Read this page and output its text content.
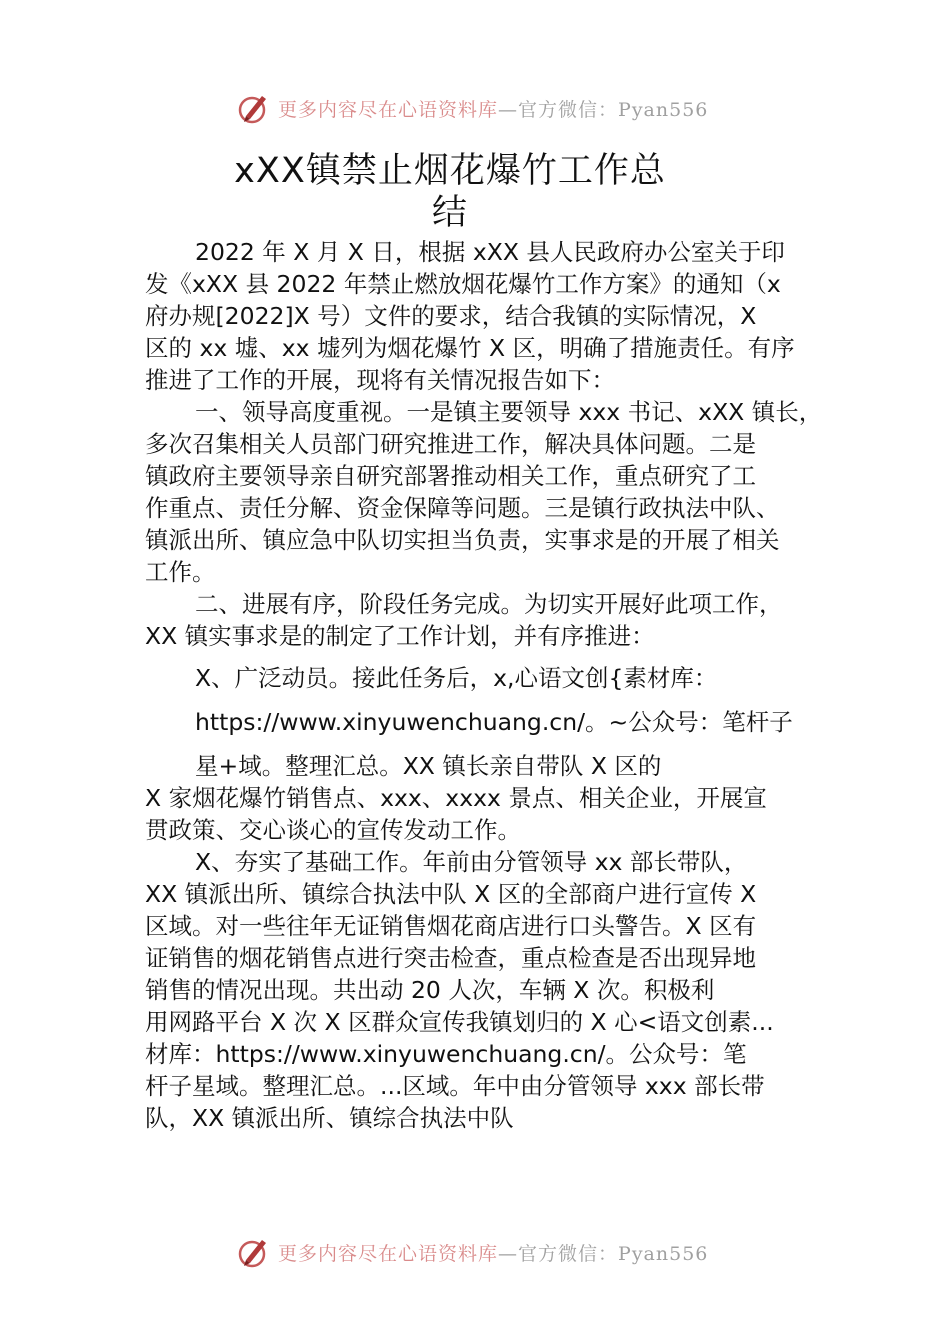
更多内容尽在心语资料库—官方微信：Pyan556
xXX镇禁止烟花爆竹工作总
结

2022 年 X 月 X 日，根据 xXX 县人民政府办公室关于印

发《xXX 县 2022 年禁止燃放烟花爆竹工作方案》的通知（x

府办规[2022]X 号）文件的要求，结合我镇的实际情况，X

区的 xx 墟、xx 墟列为烟花爆竹 X 区，明确了措施责任。有序

推进了工作的开展，现将有关情况报告如下：

一、领导高度重视。一是镇主要领导 xxx 书记、xXX 镇长，

多次召集相关人员部门研究推进工作，解决具体问题。二是

镇政府主要领导亲自研究部署推动相关工作，重点研究了工

作重点、责任分解、资金保障等问题。三是镇行政执法中队、

镇派出所、镇应急中队切实担当负责，实事求是的开展了相关

工作。

二、进展有序，阶段任务完成。为切实开展好此项工作，

XX 镇实事求是的制定了工作计划，并有序推进：

X、广泛动员。接此任务后，x,心语文创{素材库：

https://www.xinyuwenchuang.cn/。~公众号：笔杆子

星+域。整理汇总。XX 镇长亲自带队 X 区的

X 家烟花爆竹销售点、xxx、xxxx 景点、相关企业，开展宣

贯政策、交心谈心的宣传发动工作。

X、夯实了基础工作。年前由分管领导 xx 部长带队，

XX 镇派出所、镇综合执法中队 X 区的全部商户进行宣传 X

区域。对一些往年无证销售烟花商店进行口头警告。X 区有

证销售的烟花销售点进行突击检查，重点检查是否出现异地

销售的情况出现。共出动 20 人次，车辆 X 次。积极利

用网路平台 X 次 X 区群众宣传我镇划归的 X 心<语文创素...

材库：https://www.xinyuwenchuang.cn/。公众号：笔

杆子星域。整理汇总。...区域。年中由分管领导 xxx 部长带

队，XX 镇派出所、镇综合执法中队

更多内容尽在心语资料库—官方微信：Pyan556
